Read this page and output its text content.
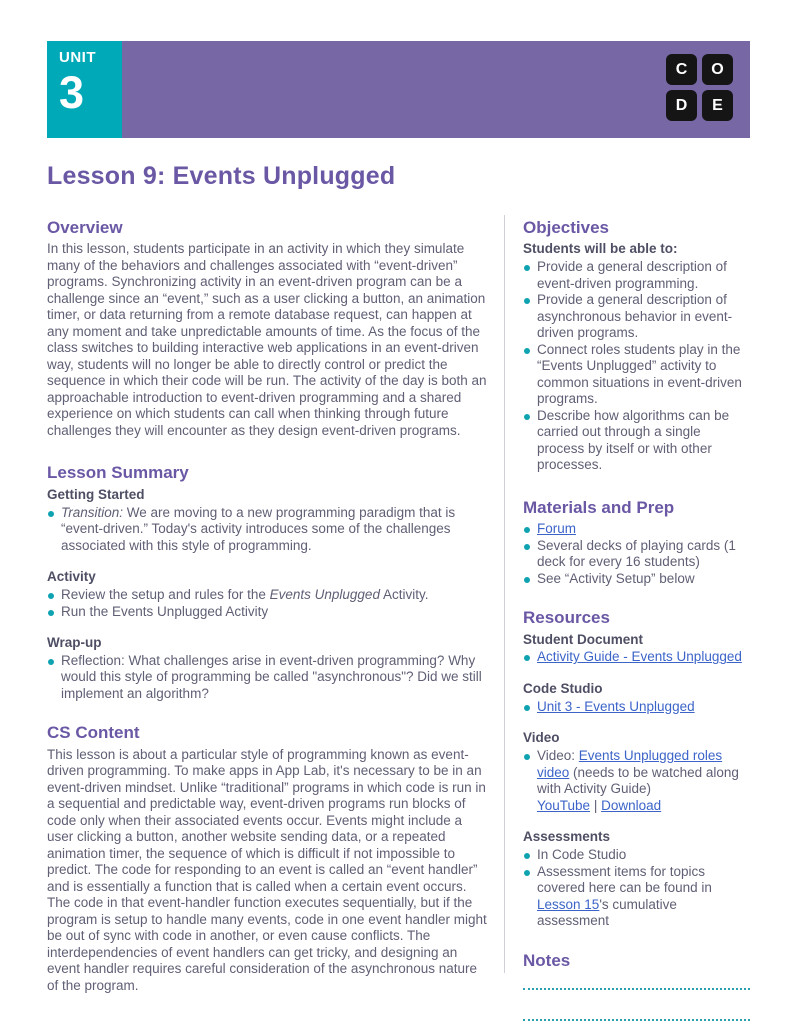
UNIT
3	C	O
D	E
Lesson 9: Events Unplugged
Overview

In this lesson, students participate in an activity in which they simulate many of the behaviors and challenges associated with “event-driven” programs. Synchronizing activity in an event-driven program can be a challenge since an “event,” such as a user clicking a button, an animation timer, or data returning from a remote database request, can happen at any moment and take unpredictable amounts of time. As the focus of the class switches to building interactive web applications in an event-driven way, students will no longer be able to directly control or predict the sequence in which their code will be run. The activity of the day is both an approachable introduction to event-driven programming and a shared experience on which students can call when thinking through future challenges they will encounter as they design event-driven programs.

Lesson Summary
Getting Started
Transition: We are moving to a new programming paradigm that is “event-driven.” Today's activity introduces some of the challenges associated with this style of programming.
Activity
Review the setup and rules for the Events Unplugged Activity.
Run the Events Unplugged Activity
Wrap-up
Reflection: What challenges arise in event-driven programming? Why would this style of programming be called "asynchronous"? Did we still implement an algorithm?
CS Content

This lesson is about a particular style of programming known as event-driven programming. To make apps in App Lab, it's necessary to be in an event-driven mindset. Unlike “traditional” programs in which code is run in a sequential and predictable way, event-driven programs run blocks of code only when their associated events occur. Events might include a user clicking a button, another website sending data, or a repeated animation timer, the sequence of which is difficult if not impossible to predict. The code for responding to an event is called an “event handler” and is essentially a function that is called when a certain event occurs. The code in that event-handler function executes sequentially, but if the program is setup to handle many events, code in one event handler might be out of sync with code in another, or even cause conflicts. The interdependencies of event handlers can get tricky, and designing an event handler requires careful consideration of the asynchronous nature of the program.

Objectives
Students will be able to:
Provide a general description of event-driven programming.
Provide a general description of asynchronous behavior in event-driven programs.
Connect roles students play in the “Events Unplugged” activity to common situations in event-driven programs.
Describe how algorithms can be carried out through a single process by itself or with other processes.
Materials and Prep
Forum
Several decks of playing cards (1 deck for every 16 students)
See “Activity Setup” below
Resources
Student Document
Activity Guide - Events Unplugged
Code Studio
Unit 3 - Events Unplugged
Video
Video: Events Unplugged roles video (needs to be watched along with Activity Guide)
YouTube | Download
Assessments
In Code Studio
Assessment items for topics covered here can be found in Lesson 15's cumulative assessment
Notes
